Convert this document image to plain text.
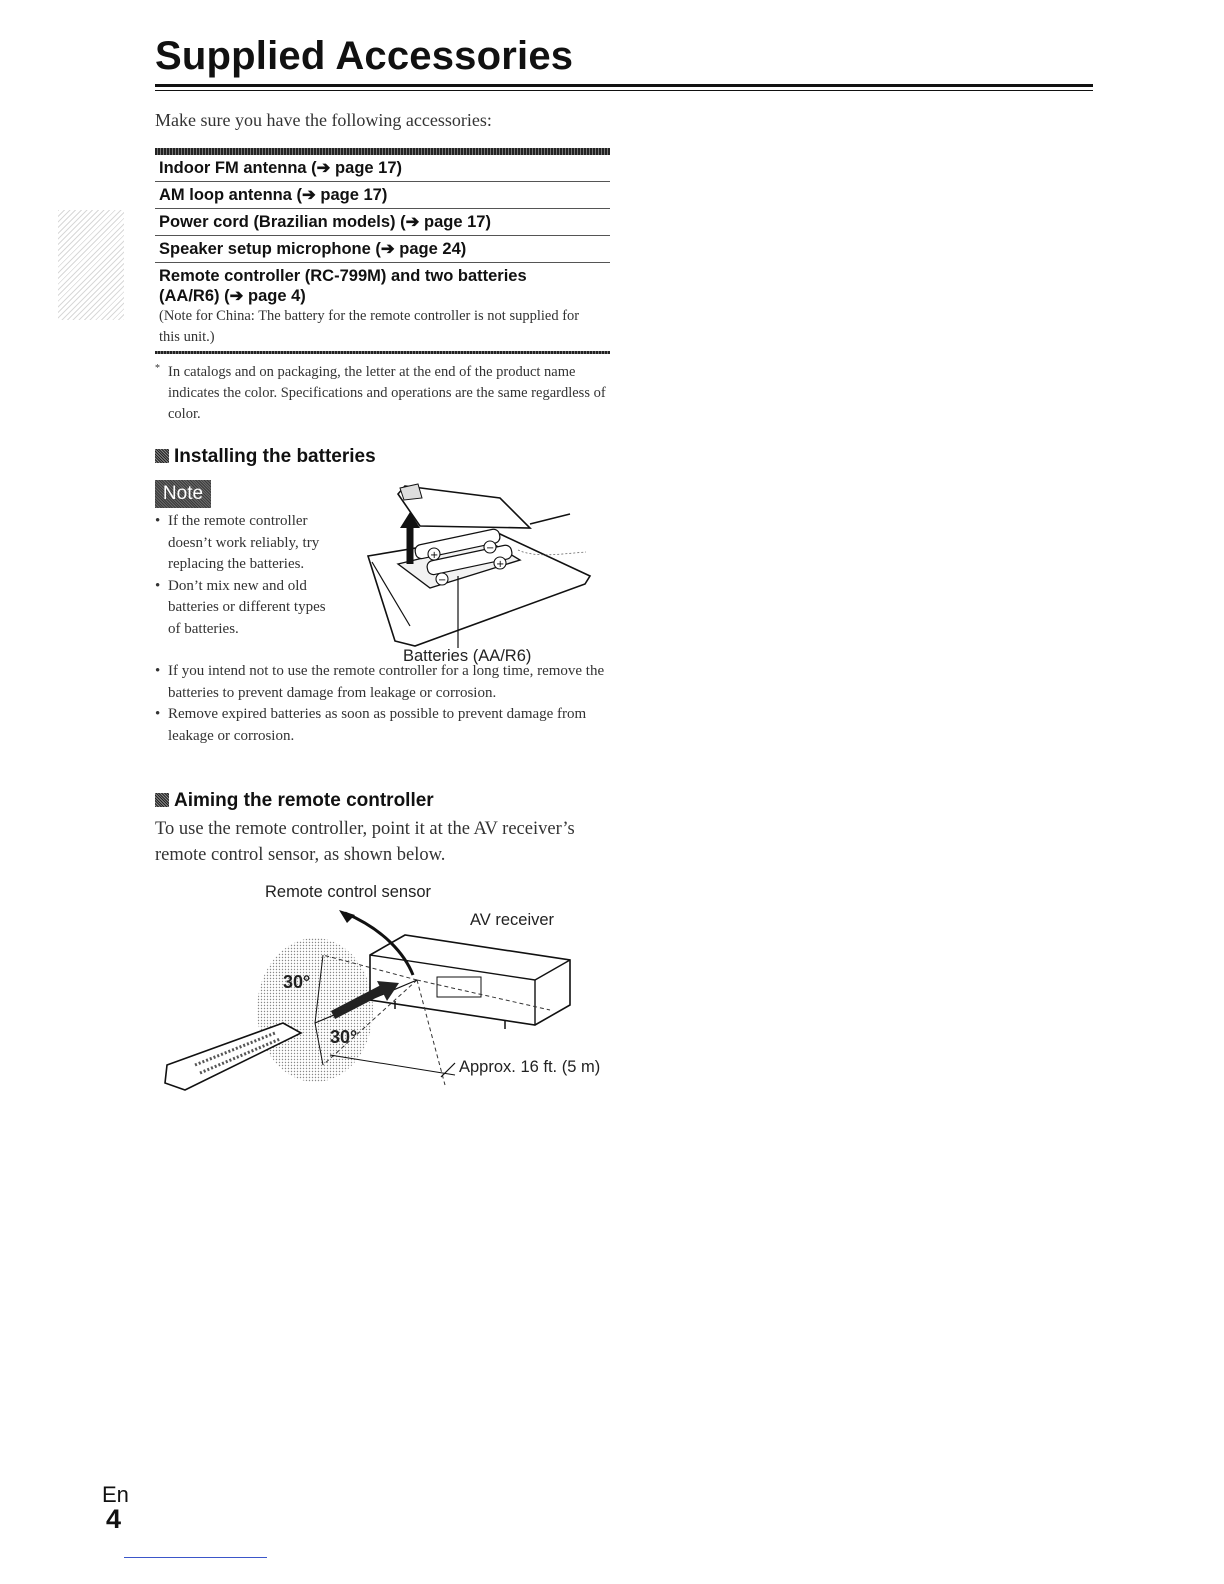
Supplied Accessories
Make sure you have the following accessories:
Indoor FM antenna (➔ page 17)
AM loop antenna (➔ page 17)
Power cord (Brazilian models) (➔ page 17)
Speaker setup microphone (➔ page 24)
Remote controller (RC-799M) and two batteries (AA/R6) (➔ page 4)
(Note for China: The battery for the remote controller is not supplied for this unit.)
* In catalogs and on packaging, the letter at the end of the product name indicates the color. Specifications and operations are the same regardless of color.
Installing the batteries
Note
• If the remote controller doesn’t work reliably, try replacing the batteries.
• Don’t mix new and old batteries or different types of batteries.
• If you intend not to use the remote controller for a long time, remove the batteries to prevent damage from leakage or corrosion.
• Remove expired batteries as soon as possible to prevent damage from leakage or corrosion.
−
−
+
+
Batteries (AA/R6)
Aiming the remote controller
To use the remote controller, point it at the AV receiver’s remote control sensor, as shown below.
Remote control sensor
AV receiver
Approx. 16 ft. (5 m)
30°
30°
En
4
